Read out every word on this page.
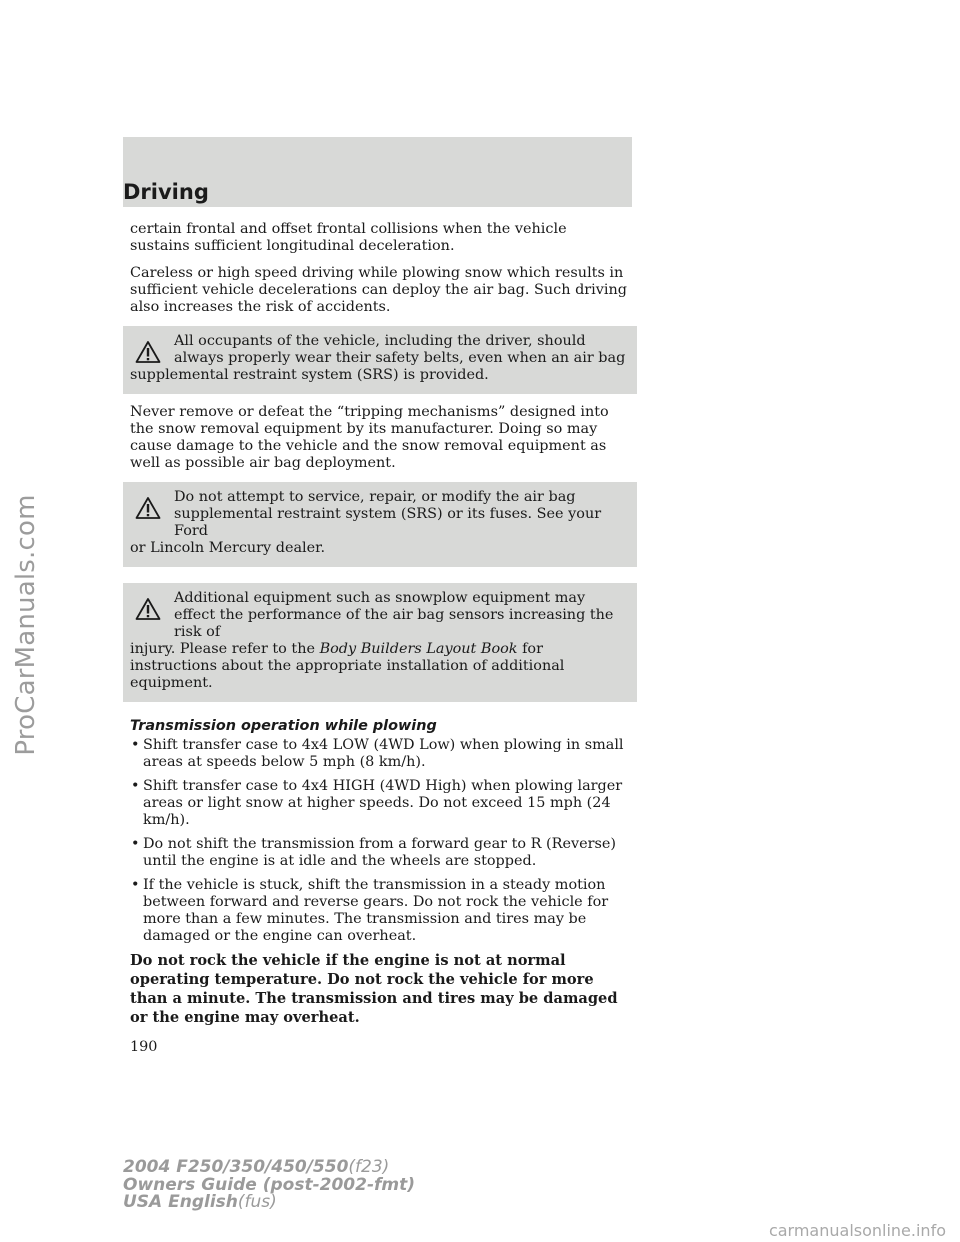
ProCarManuals.com
Driving

certain frontal and offset frontal collisions when the vehicle sustains sufficient longitudinal deceleration.

Careless or high speed driving while plowing snow which results in sufficient vehicle decelerations can deploy the air bag. Such driving also increases the risk of accidents.

All occupants of the vehicle, including the driver, should always properly wear their safety belts, even when an air bag
supplemental restraint system (SRS) is provided.

Never remove or defeat the “tripping mechanisms” designed into the snow removal equipment by its manufacturer. Doing so may cause damage to the vehicle and the snow removal equipment as well as possible air bag deployment.

Do not attempt to service, repair, or modify the air bag supplemental restraint system (SRS) or its fuses. See your Ford
or Lincoln Mercury dealer.
Additional equipment such as snowplow equipment may effect the performance of the air bag sensors increasing the risk of
injury. Please refer to the Body Builders Layout Book for instructions about the appropriate installation of additional equipment.
Transmission operation while plowing
• Shift transfer case to 4x4 LOW (4WD Low) when plowing in small areas at speeds below 5 mph (8 km/h).
• Shift transfer case to 4x4 HIGH (4WD High) when plowing larger areas or light snow at higher speeds. Do not exceed 15 mph (24 km/h).
• Do not shift the transmission from a forward gear to R (Reverse) until the engine is at idle and the wheels are stopped.
• If the vehicle is stuck, shift the transmission in a steady motion between forward and reverse gears. Do not rock the vehicle for more than a few minutes. The transmission and tires may be damaged or the engine can overheat.

Do not rock the vehicle if the engine is not at normal operating temperature. Do not rock the vehicle for more than a minute. The transmission and tires may be damaged or the engine may overheat.

190
2004 F250/350/450/550(f23)
Owners Guide (post-2002-fmt)
USA English(fus)
carmanualsonline.info
